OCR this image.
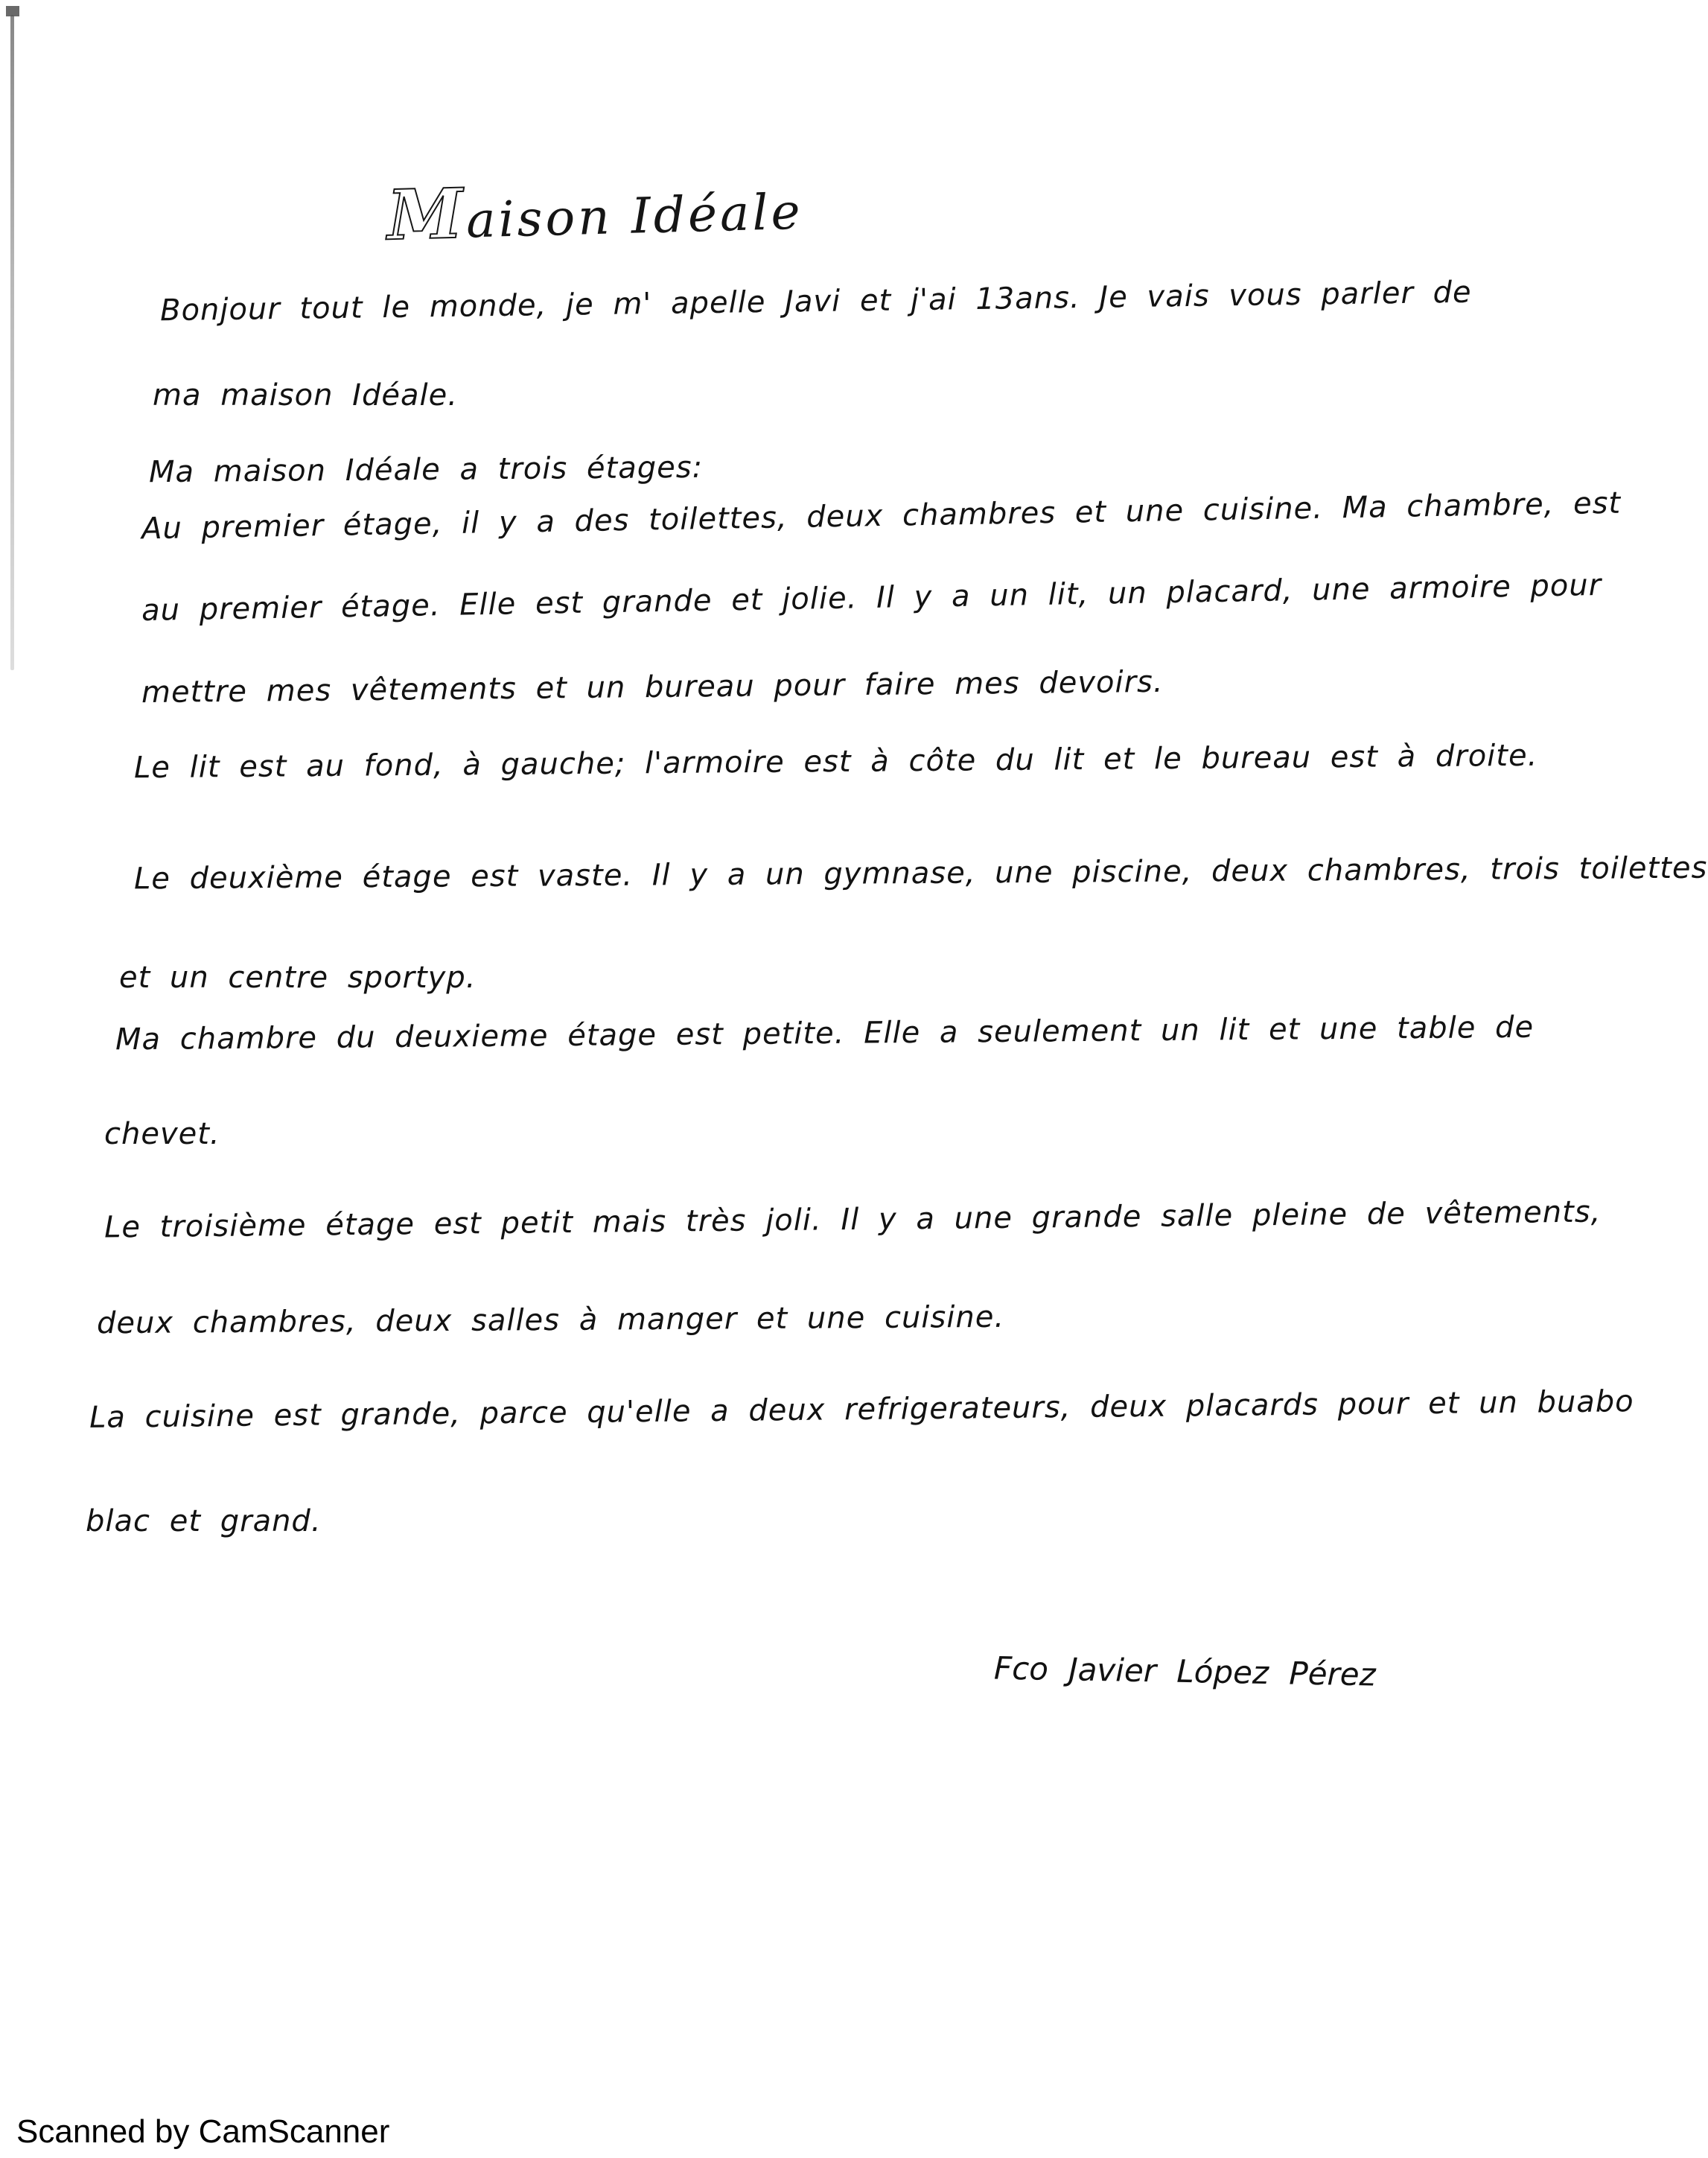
Maison Idéale
Bonjour tout le monde, je m' apelle Javi et j'ai 13ans. Je vais vous parler de
ma maison Idéale.
Ma maison Idéale a trois étages:
Au premier étage, il y a des toilettes, deux chambres et une cuisine. Ma chambre, est
au premier étage. Elle est grande et jolie. Il y a un lit, un placard, une armoire pour
mettre mes vêtements et un bureau pour faire mes devoirs.
Le lit est au fond, à gauche; l'armoire est à côte du lit et le bureau est à droite.
Le deuxième étage est vaste. Il y a un gymnase, une piscine, deux chambres, trois toilettes
et un centre sportyp.
Ma chambre du deuxieme étage est petite. Elle a seulement un lit et une table de
chevet.
Le troisième étage est petit mais très joli. Il y a une grande salle pleine de vêtements,
deux chambres, deux salles à manger et une cuisine.
La cuisine est grande, parce qu'elle a deux refrigerateurs, deux placards pour et un buabo
blac et grand.
Fco Javier López Pérez
Scanned by CamScanner
